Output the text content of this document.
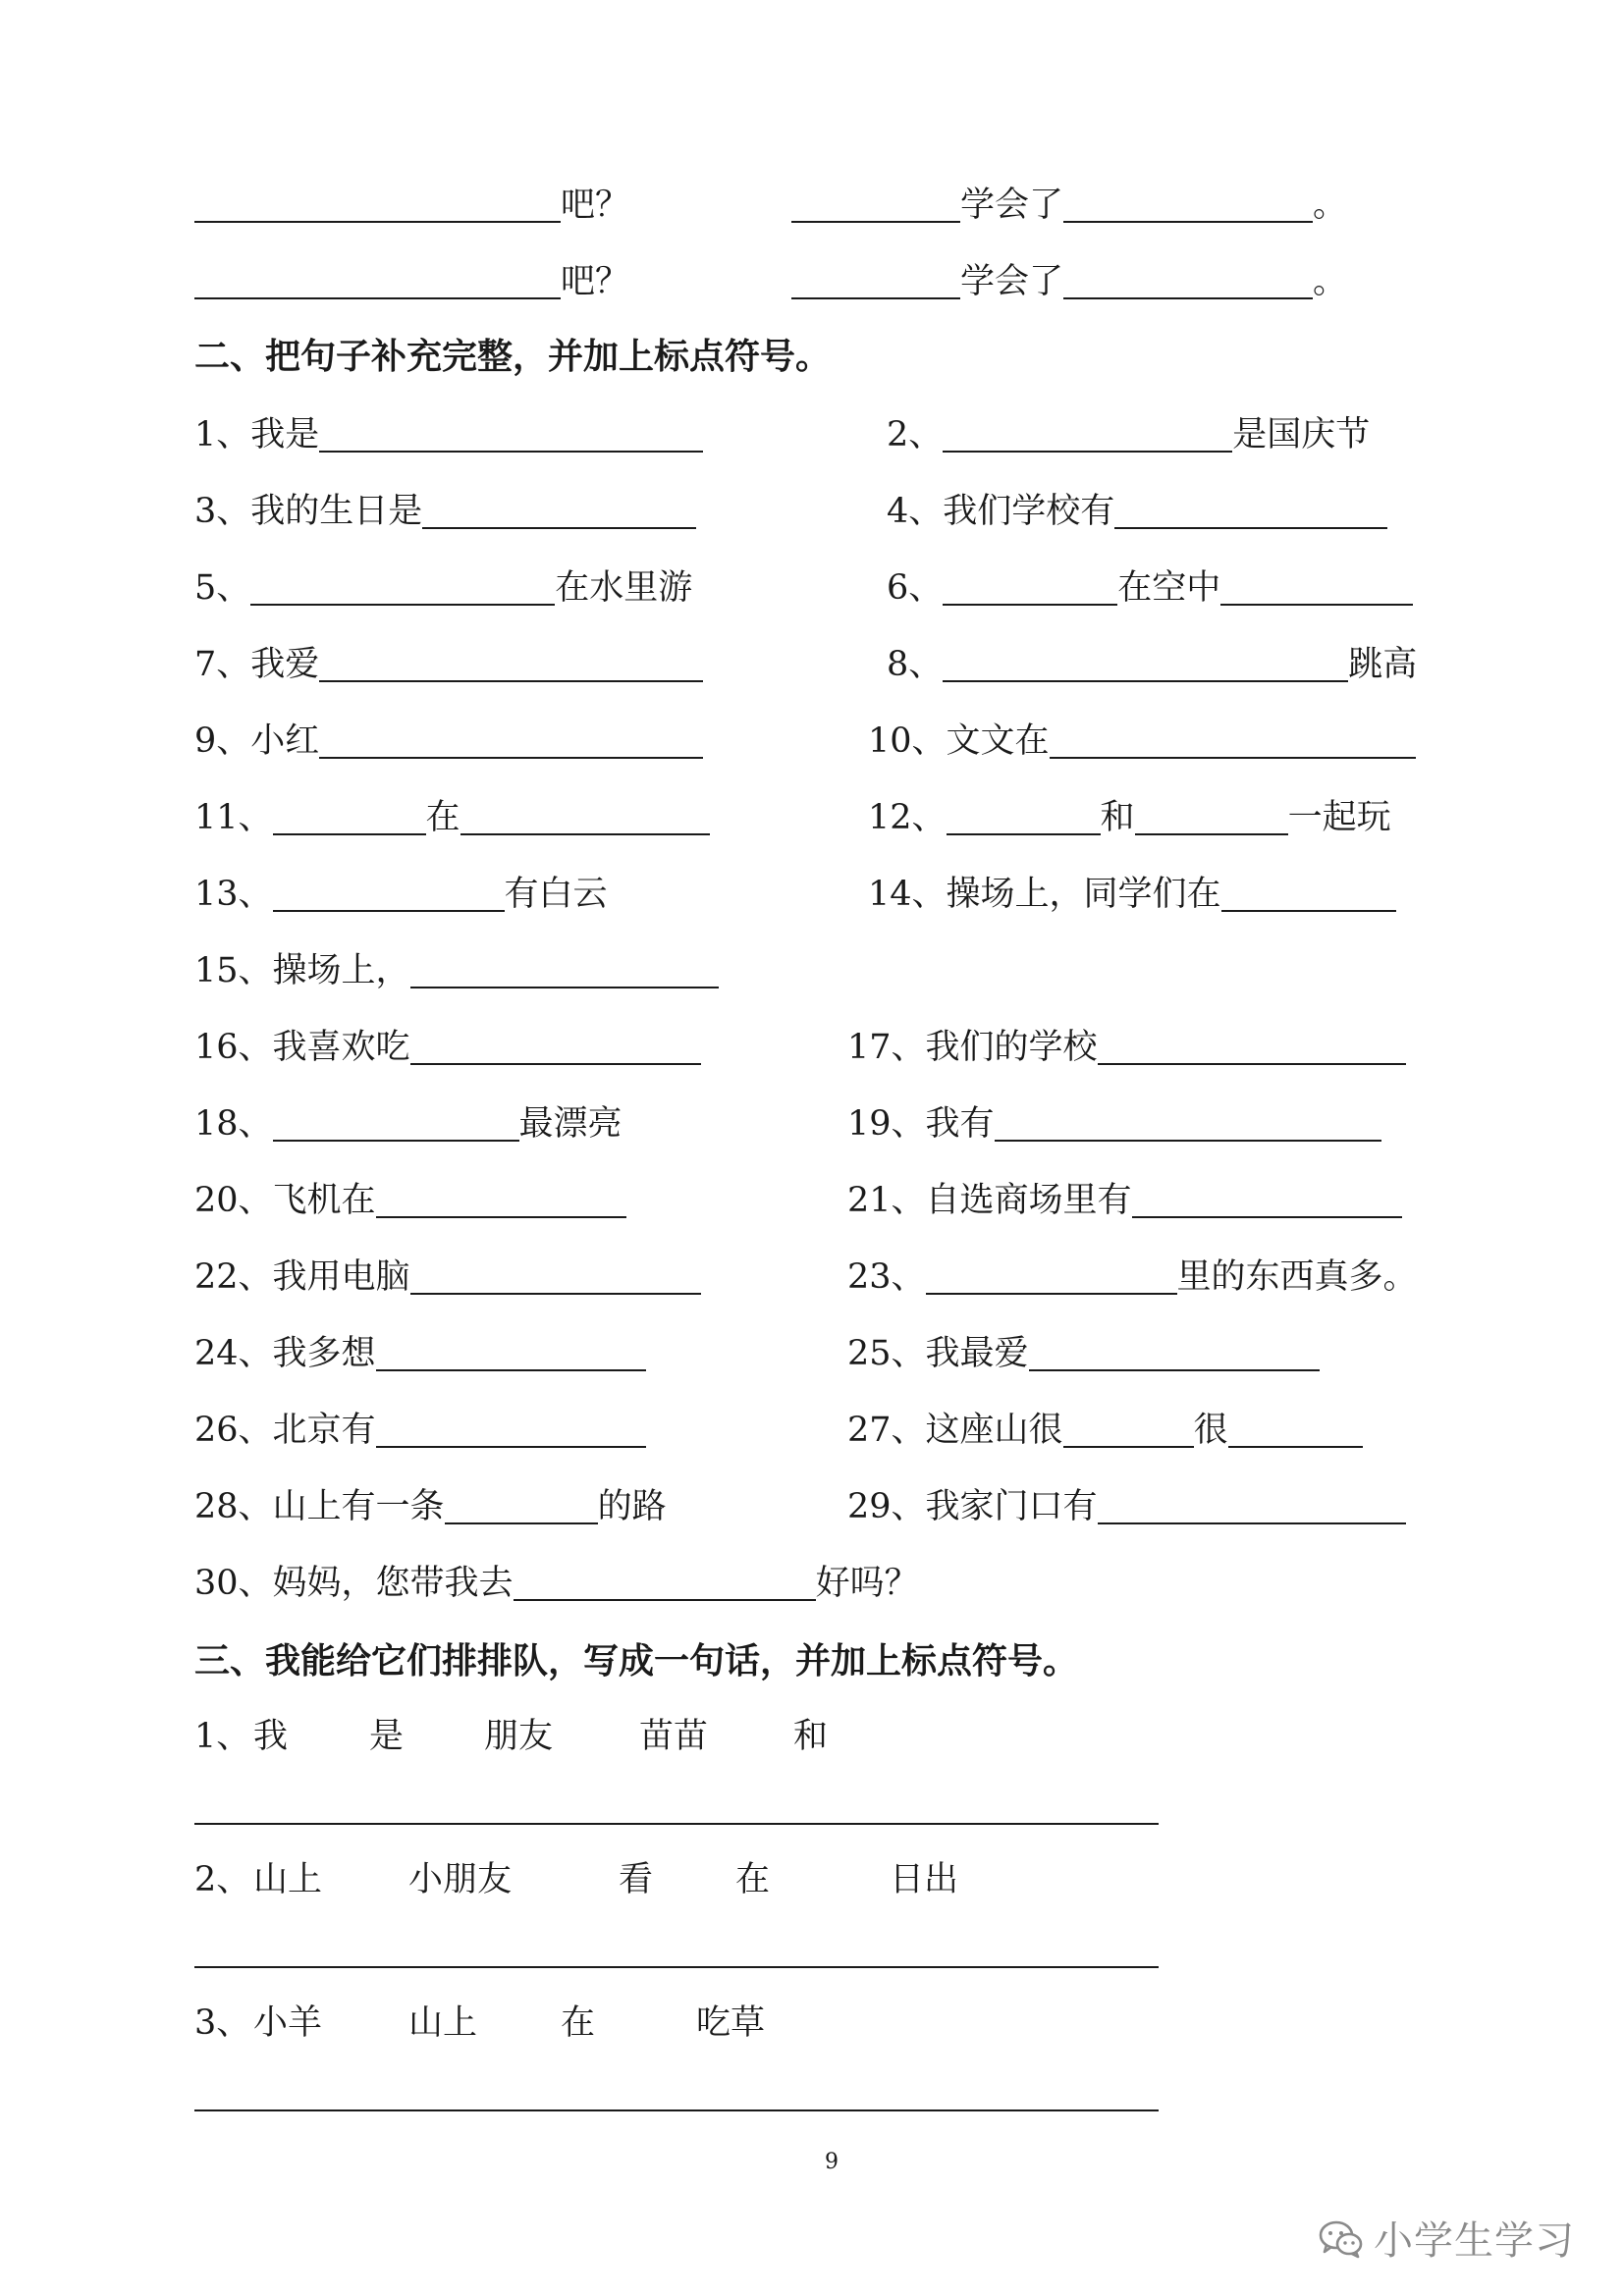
吧？	学会了	。
吧？	学会了	。
二、把句子补充完整，并加上标点符号。
1、 我是	2、	是国庆节
3、 我的生日是	4、 我们学校有
5、	在水里游	6、	在空中
7、 我爱	8、	跳高
9、 小红	10、 文文在
11、	在	12、	和	一起玩
13、	有白云	14、 操场上，同学们在
15、 操场上，
16、 我喜欢吃	17、 我们的学校
18、	最漂亮	19、 我有
20、 飞机在	21、 自选商场里有
22、 我用电脑	23、	里的东西真多。
24、 我多想	25、 我最爱
26、 北京有	27、 这座山很	很
28、 山上有一条	的路	29、 我家门口有
30、 妈妈，您带我去	好吗？
三、我能给它们排排队，写成一句话，并加上标点符号。
1、 我 是 朋友	苗苗 和
2、 山上	小朋友	看 在	日出
3、 小羊	山上 在	吃草
9
小学生学习
